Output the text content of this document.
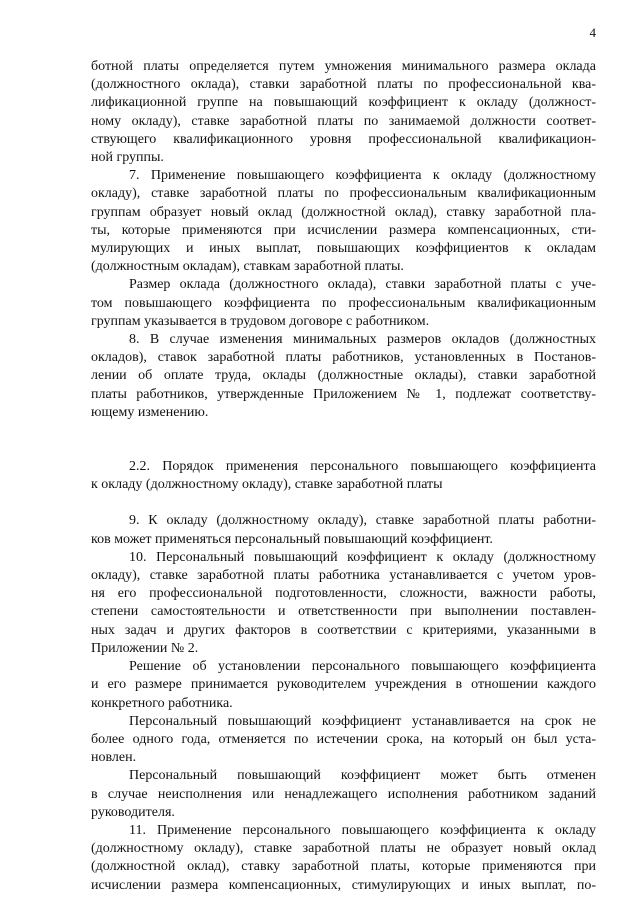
4

ботной платы определяется путем умножения минимального размера оклада
(должностного оклада), ставки заработной платы по профессиональной ква-
лификационной группе на повышающий коэффициент к окладу (должност-
ному окладу), ставке заработной платы по занимаемой должности соответ-
ствующего квалификационного уровня профессиональной квалификацион-
ной группы.

7. Применение повышающего коэффициента к окладу (должностному
окладу), ставке заработной платы по профессиональным квалификационным
группам образует новый оклад (должностной оклад), ставку заработной пла-
ты, которые применяются при исчислении размера компенсационных, сти-
мулирующих и иных выплат, повышающих коэффициентов к окладам
(должностным окладам), ставкам заработной платы.

Размер оклада (должностного оклада), ставки заработной платы с уче-
том повышающего коэффициента по профессиональным квалификационным
группам указывается в трудовом договоре с работником.

8. В случае изменения минимальных размеров окладов (должностных
окладов), ставок заработной платы работников, установленных в Постанов-
лении об оплате труда, оклады (должностные оклады), ставки заработной
платы работников, утвержденные Приложением № 1, подлежат соответству-
ющему изменению.

2.2. Порядок применения персонального повышающего коэффициента
к окладу (должностному окладу), ставке заработной платы

9. К окладу (должностному окладу), ставке заработной платы работни-
ков может применяться персональный повышающий коэффициент.

10. Персональный повышающий коэффициент к окладу (должностному
окладу), ставке заработной платы работника устанавливается с учетом уров-
ня его профессиональной подготовленности, сложности, важности работы,
степени самостоятельности и ответственности при выполнении поставлен-
ных задач и других факторов в соответствии с критериями, указанными в
Приложении № 2.

Решение об установлении персонального повышающего коэффициента
и его размере принимается руководителем учреждения в отношении каждого
конкретного работника.

Персональный повышающий коэффициент устанавливается на срок не
более одного года, отменяется по истечении срока, на который он был уста-
новлен.

Персональный повышающий коэффициент может быть отменен
в случае неисполнения или ненадлежащего исполнения работником заданий
руководителя.

11. Применение персонального повышающего коэффициента к окладу
(должностному окладу), ставке заработной платы не образует новый оклад
(должностной оклад), ставку заработной платы, которые применяются при
исчислении размера компенсационных, стимулирующих и иных выплат, по-
